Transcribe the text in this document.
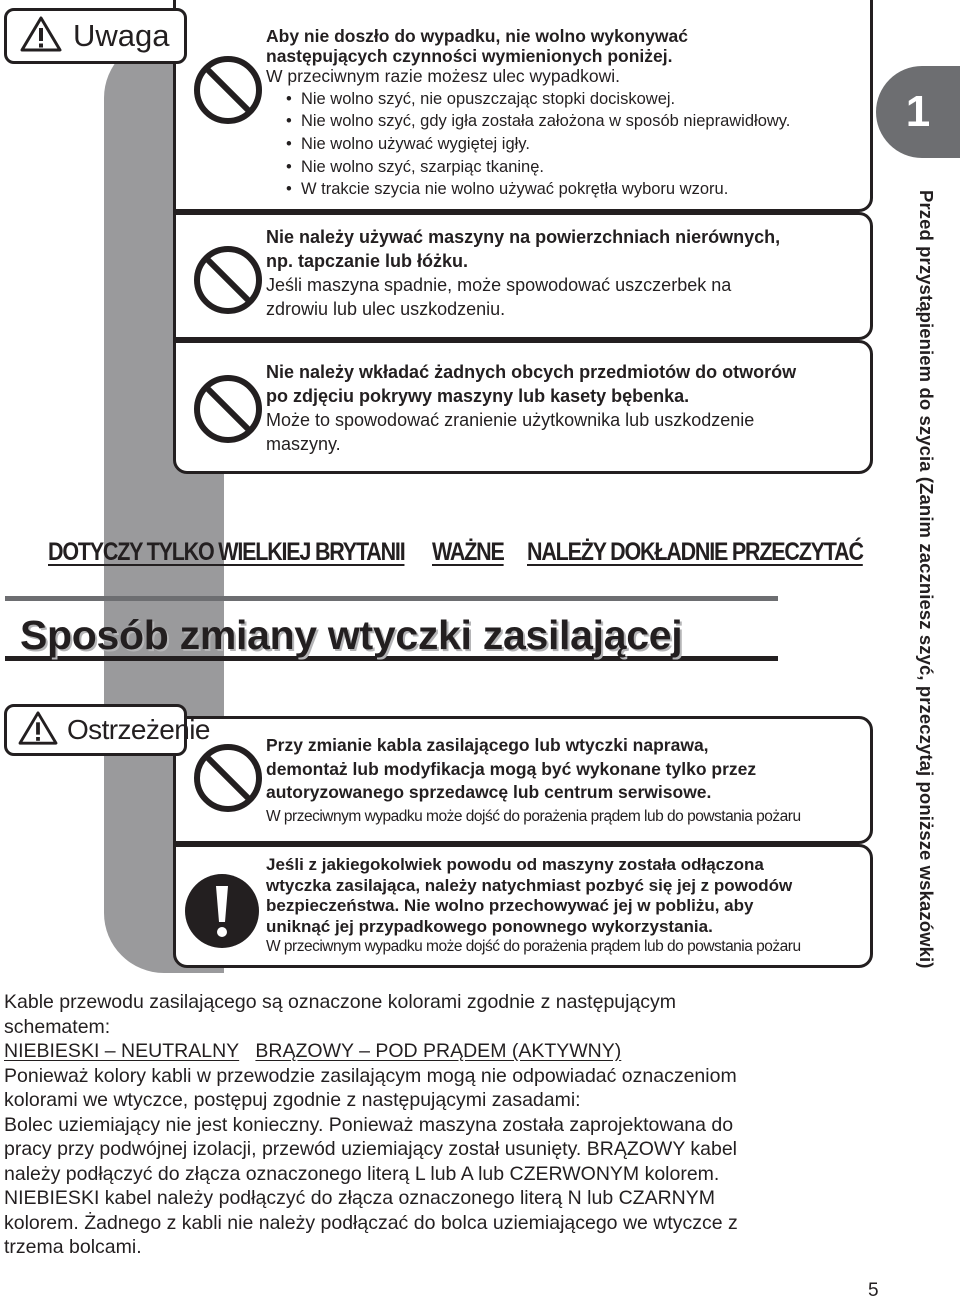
Uwaga	Aby nie doszło do wypadku, nie wolno wykonywać
następujących czynności wymienionych poniżej.
W przeciwnym razie możesz ulec wypadkowi.
•  Nie wolno szyć, nie opuszczając stopki dociskowej.
•  Nie wolno szyć, gdy igła została założona w sposób nieprawidłowy.
•  Nie wolno używać wygiętej igły.
•  Nie wolno szyć, szarpiąc tkaninę.
•  W trakcie szycia nie wolno używać pokrętła wyboru wzoru.
Nie należy używać maszyny na powierzchniach nierównych,
np. tapczanie lub łóżku.
Jeśli maszyna spadnie, może spowodować uszczerbek na
zdrowiu lub ulec uszkodzeniu.
Nie należy wkładać żadnych obcych przedmiotów do otworów
po zdjęciu pokrywy maszyny lub kasety bębenka.
Może to spowodować zranienie użytkownika lub uszkodzenie
maszyny.
DOTYCZY TYLKO WIELKIEJ BRYTANII WAŻNE NALEŻY DOKŁADNIE PRZECZYTAĆ
Sposób zmiany wtyczki zasilającej
Ostrzeżenie	Przy zmianie kabla zasilającego lub wtyczki naprawa,
demontaż lub modyfikacja mogą być wykonane tylko przez
autoryzowanego sprzedawcę lub centrum serwisowe.
W przeciwnym wypadku może dojść do porażenia prądem lub do powstania pożaru
Jeśli z jakiegokolwiek powodu od maszyny została odłączona
wtyczka zasilająca, należy natychmiast pozbyć się jej z powodów
bezpieczeństwa. Nie wolno przechowywać jej w pobliżu, aby
uniknąć jej przypadkowego ponownego wykorzystania.
W przeciwnym wypadku może dojść do porażenia prądem lub do powstania pożaru
Kable przewodu zasilającego są oznaczone kolorami zgodnie z następującym
schematem:
NIEBIESKI – NEUTRALNY BRĄZOWY – POD PRĄDEM (AKTYWNY)
Ponieważ kolory kabli w przewodzie zasilającym mogą nie odpowiadać oznaczeniom
kolorami we wtyczce, postępuj zgodnie z następującymi zasadami:
Bolec uziemiający nie jest konieczny. Ponieważ maszyna została zaprojektowana do
pracy przy podwójnej izolacji, przewód uziemiający został usunięty. BRĄZOWY kabel
należy podłączyć do złącza oznaczonego literą L lub A lub CZERWONYM kolorem.
NIEBIESKI kabel należy podłączyć do złącza oznaczonego literą N lub CZARNYM
kolorem. Żadnego z kabli nie należy podłączać do bolca uziemiającego we wtyczce z
trzema bolcami.
1
Przed przystąpieniem do szycia (Zanim zaczniesz szyć, przeczytaj poniższe wskazówki)
5
